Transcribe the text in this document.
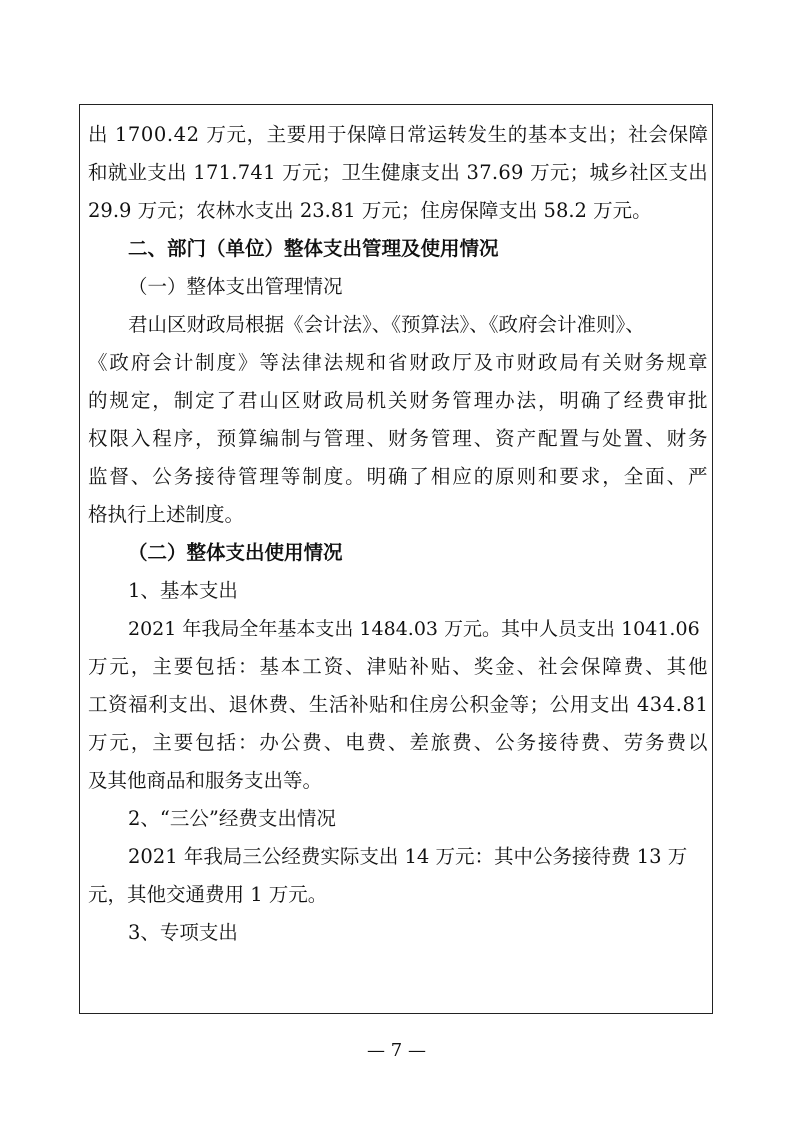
出 1700.42 万元，主要用于保障日常运转发生的基本支出；社会保障
和就业支出 171.741 万元；卫生健康支出 37.69 万元；城乡社区支出
29.9 万元；农林水支出 23.81 万元；住房保障支出 58.2 万元。
二、部门（单位）整体支出管理及使用情况
（一）整体支出管理情况
君山区财政局根据《会计法》、《预算法》、《政府会计准则》、
《政府会计制度》等法律法规和省财政厅及市财政局有关财务规章
的规定，制定了君山区财政局机关财务管理办法，明确了经费审批
权限入程序，预算编制与管理、财务管理、资产配置与处置、财务
监督、公务接待管理等制度。明确了相应的原则和要求，全面、严
格执行上述制度。
（二）整体支出使用情况
1、基本支出
2021 年我局全年基本支出 1484.03 万元。其中人员支出 1041.06
万元，主要包括：基本工资、津贴补贴、奖金、社会保障费、其他
工资福利支出、退休费、生活补贴和住房公积金等；公用支出 434.81
万元，主要包括：办公费、电费、差旅费、公务接待费、劳务费以
及其他商品和服务支出等。
2、“三公”经费支出情况
2021 年我局三公经费实际支出 14 万元：其中公务接待费 13 万
元，其他交通费用 1 万元。
3、专项支出
— 7 —
